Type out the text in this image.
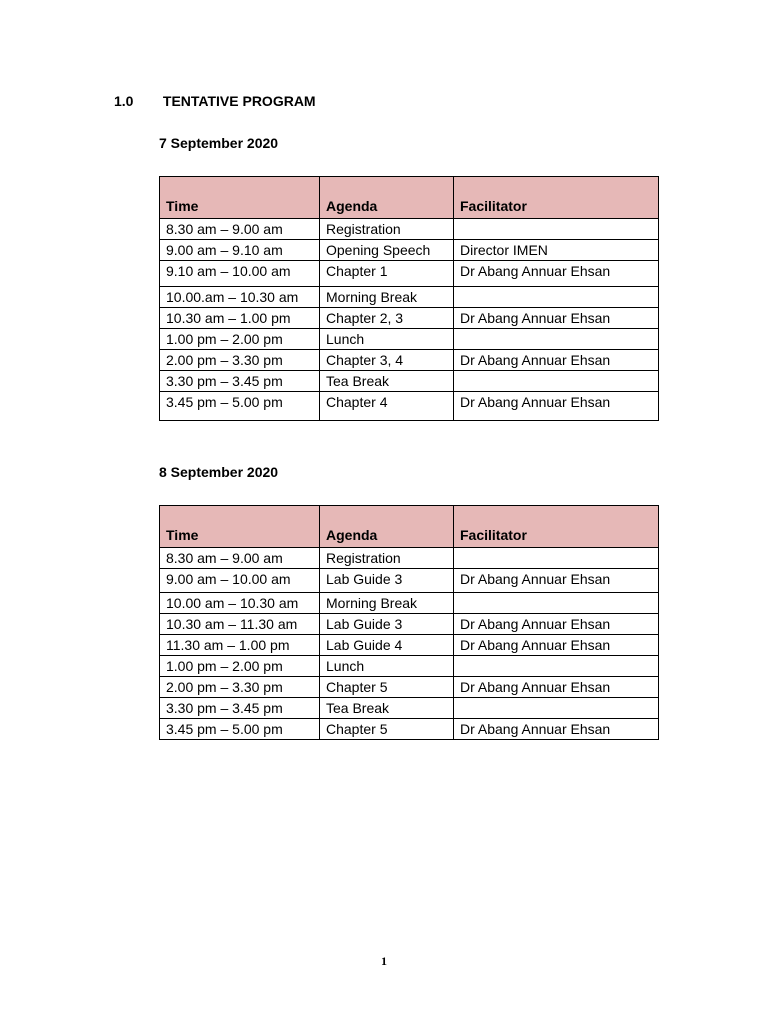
1.0 TENTATIVE PROGRAM
7 September 2020
Time	Agenda	Facilitator
8.30 am – 9.00 am	Registration	
9.00 am – 9.10 am	Opening Speech	Director IMEN
9.10 am – 10.00 am	Chapter 1	Dr Abang Annuar Ehsan
10.00.am – 10.30 am	Morning Break	
10.30 am – 1.00 pm	Chapter 2, 3	Dr Abang Annuar Ehsan
1.00 pm – 2.00 pm	Lunch	
2.00 pm – 3.30 pm	Chapter 3, 4	Dr Abang Annuar Ehsan
3.30 pm – 3.45 pm	Tea Break	
3.45 pm – 5.00 pm	Chapter 4	Dr Abang Annuar Ehsan
8 September 2020
Time	Agenda	Facilitator
8.30 am – 9.00 am	Registration	
9.00 am – 10.00 am	Lab Guide 3	Dr Abang Annuar Ehsan
10.00 am – 10.30 am	Morning Break	
10.30 am – 11.30 am	Lab Guide 3	Dr Abang Annuar Ehsan
11.30 am – 1.00 pm	Lab Guide 4	Dr Abang Annuar Ehsan
1.00 pm – 2.00 pm	Lunch	
2.00 pm – 3.30 pm	Chapter 5	Dr Abang Annuar Ehsan
3.30 pm – 3.45 pm	Tea Break	
3.45 pm – 5.00 pm	Chapter 5	Dr Abang Annuar Ehsan
1
